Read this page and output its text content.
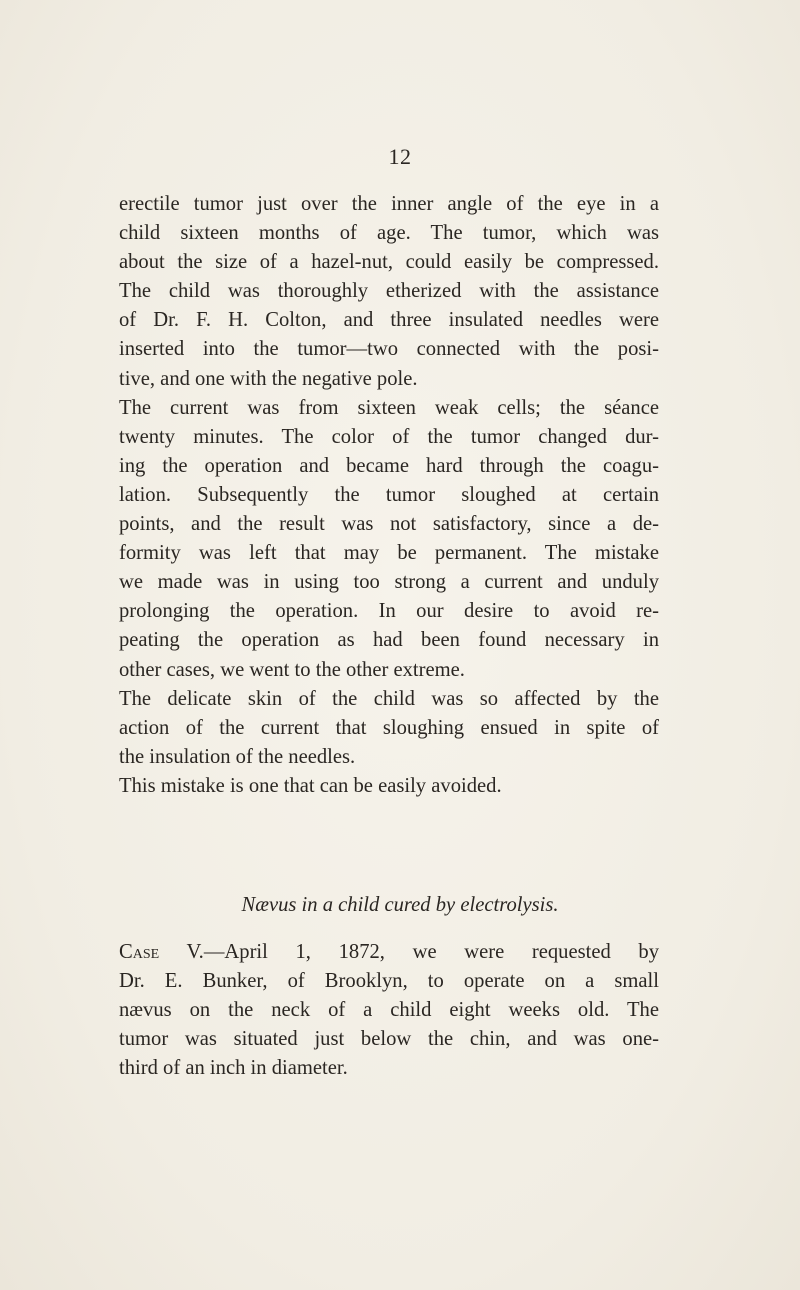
12
erectile tumor just over the inner angle of the eye in a
child sixteen months of age. The tumor, which was
about the size of a hazel-nut, could easily be compressed.
The child was thoroughly etherized with the assistance
of Dr. F. H. Colton, and three insulated needles were
inserted into the tumor—two connected with the posi-
tive, and one with the negative pole.
The current was from sixteen weak cells; the séance
twenty minutes. The color of the tumor changed dur-
ing the operation and became hard through the coagu-
lation. Subsequently the tumor sloughed at certain
points, and the result was not satisfactory, since a de-
formity was left that may be permanent. The mistake
we made was in using too strong a current and unduly
prolonging the operation. In our desire to avoid re-
peating the operation as had been found necessary in
other cases, we went to the other extreme.
The delicate skin of the child was so affected by the
action of the current that sloughing ensued in spite of
the insulation of the needles.
This mistake is one that can be easily avoided.
Nævus in a child cured by electrolysis.
Case V.—April 1, 1872, we were requested by
Dr. E. Bunker, of Brooklyn, to operate on a small
nævus on the neck of a child eight weeks old. The
tumor was situated just below the chin, and was one-
third of an inch in diameter.
